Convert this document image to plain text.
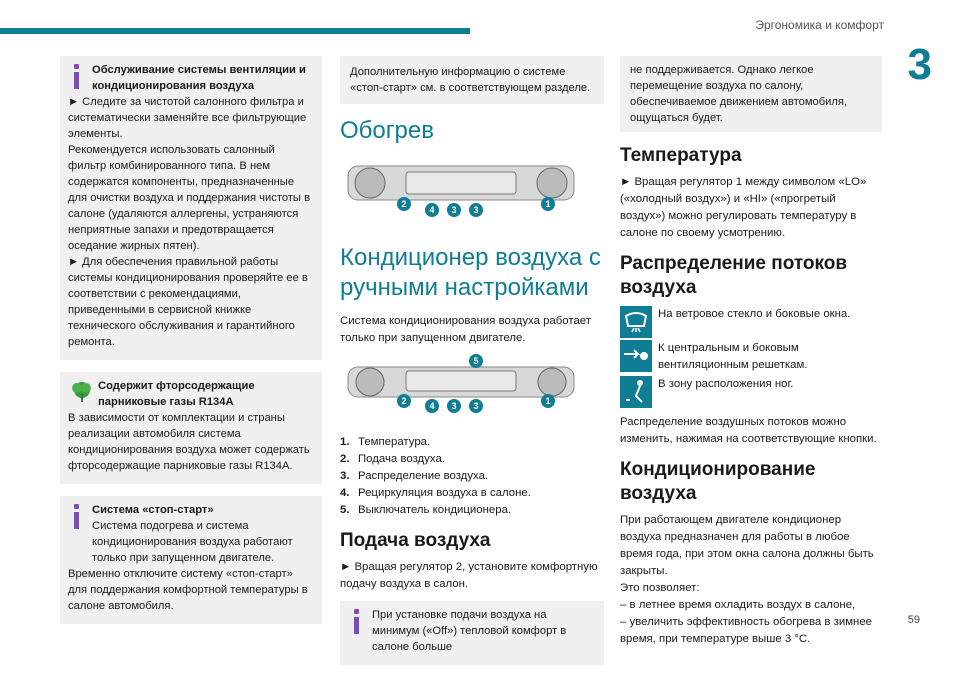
Эргономика и комфорт
3
59
Обслуживание системы вентиляции и кондиционирования воздуха

► Следите за чистотой салонного фильтра и систематически заменяйте все фильтрующие элементы.

Рекомендуется использовать салонный фильтр комбинированного типа. В нем содержатся компоненты, предназначенные для очистки воздуха и поддержания чистоты в салоне (удаляются аллергены, устраняются неприятные запахи и предотвращается оседание жирных пятен).

► Для обеспечения правильной работы системы кондиционирования проверяйте ее в соответствии с рекомендациями, приведенными в сервисной книжке технического обслуживания и гарантийного ремонта.

Содержит фторсодержащие парниковые газы R134A

В зависимости от комплектации и страны реализации автомобиля система кондиционирования воздуха может содержать фторсодержащие парниковые газы R134A.

Система «стоп-старт»

Система подогрева и система кондиционирования воздуха работают только при запущенном двигателе.

Временно отключите систему «стоп-старт» для поддержания комфортной температуры в салоне автомобиля.

Дополнительную информацию о системе «стоп-старт» см. в соответствующем разделе.

Обогрев
2
4 3 3
1
Кондиционер воздуха с ручными настройками

Система кондиционирования воздуха работает только при запущенном двигателе.

5
2	4 3 3	1
1. Температура.
2. Подача воздуха.
3. Распределение воздуха.
4. Рециркуляция воздуха в салоне.
5. Выключатель кондиционера.
Подача воздуха

► Вращая регулятор 2, установите комфортную подачу воздуха в салон.

При установке подачи воздуха на минимум («Off») тепловой комфорт в салоне больше

не поддерживается. Однако легкое перемещение воздуха по салону, обеспечиваемое движением автомобиля, ощущаться будет.

Температура

► Вращая регулятор 1 между символом «LO» («холодный воздух») и «HI» («прогретый воздух») можно регулировать температуру в салоне по своему усмотрению.

Распределение потоков воздуха
На ветровое стекло и боковые окна.
К центральным и боковым вентиляционным решеткам.
В зону расположения ног.

Распределение воздушных потоков можно изменить, нажимая на соответствующие кнопки.

Кондиционирование воздуха

При работающем двигателе кондиционер воздуха предназначен для работы в любое время года, при этом окна салона должны быть закрыты.

Это позволяет:

– в летнее время охладить воздух в салоне,

– увеличить эффективность обогрева в зимнее время, при температуре выше 3 °C.
